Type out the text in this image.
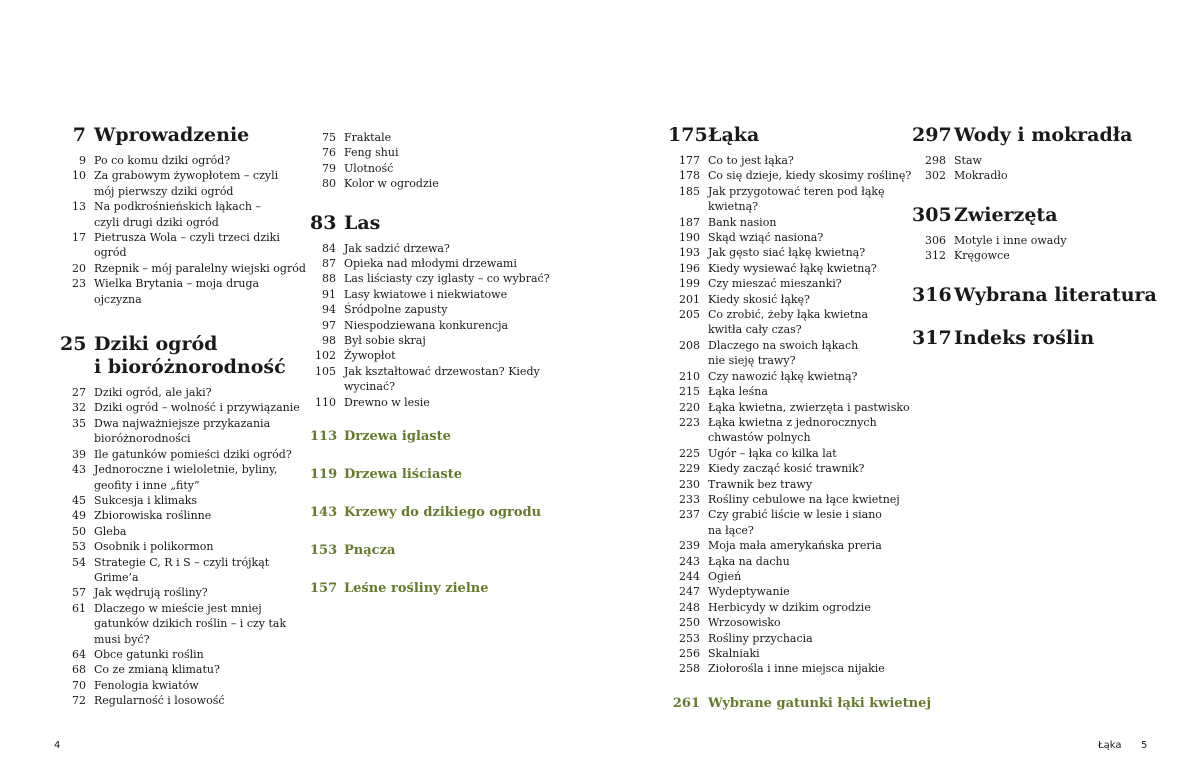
7 Wprowadzenie
9 Po co komu dziki ogród?
10 Za grabowym żywopłotem – czyli
mój pierwszy dziki ogród
13 Na podkrośnieńskich łąkach –
czyli drugi dziki ogród
17 Pietrusza Wola – czyli trzeci dziki
ogród
20 Rzepnik – mój paralelny wiejski ogród
23 Wielka Brytania – moja druga
ojczyzna
25 Dziki ogród
i bioróżnorodność
27 Dziki ogród, ale jaki?
32 Dziki ogród – wolność i przywiązanie
35 Dwa najważniejsze przykazania
bioróżnorodności
39 Ile gatunków pomieści dziki ogród?
43 Jednoroczne i wieloletnie, byliny,
geofity i inne „fity”
45 Sukcesja i klimaks
49 Zbiorowiska roślinne
50 Gleba
53 Osobnik i polikormon
54 Strategie C, R i S – czyli trójkąt
Grime’a
57 Jak wędrują rośliny?
61 Dlaczego w mieście jest mniej
gatunków dzikich roślin – i czy tak
musi być?
64 Obce gatunki roślin
68 Co ze zmianą klimatu?
70 Fenologia kwiatów
72 Regularność i losowość
75 Fraktale
76 Feng shui
79 Ulotność
80 Kolor w ogrodzie
83 Las
84 Jak sadzić drzewa?
87 Opieka nad młodymi drzewami
88 Las liściasty czy iglasty – co wybrać?
91 Lasy kwiatowe i niekwiatowe
94 Śródpolne zapusty
97 Niespodziewana konkurencja
98 Był sobie skraj
102 Żywopłot
105 Jak kształtować drzewostan? Kiedy
wycinać?
110 Drewno w lesie
113 Drzewa iglaste
119 Drzewa liściaste
143 Krzewy do dzikiego ogrodu
153 Pnącza
157 Leśne rośliny zielne
175 Łąka
177 Co to jest łąka?
178 Co się dzieje, kiedy skosimy roślinę?
185 Jak przygotować teren pod łąkę
kwietną?
187 Bank nasion
190 Skąd wziąć nasiona?
193 Jak gęsto siać łąkę kwietną?
196 Kiedy wysiewać łąkę kwietną?
199 Czy mieszać mieszanki?
201 Kiedy skosić łąkę?
205 Co zrobić, żeby łąka kwietna
kwitła cały czas?
208 Dlaczego na swoich łąkach
nie sieję trawy?
210 Czy nawozić łąkę kwietną?
215 Łąka leśna
220 Łąka kwietna, zwierzęta i pastwisko
223 Łąka kwietna z jednorocznych
chwastów polnych
225 Ugór – łąka co kilka lat
229 Kiedy zacząć kosić trawnik?
230 Trawnik bez trawy
233 Rośliny cebulowe na łące kwietnej
237 Czy grabić liście w lesie i siano
na łące?
239 Moja mała amerykańska preria
243 Łąka na dachu
244 Ogień
247 Wydeptywanie
248 Herbicydy w dzikim ogrodzie
250 Wrzosowisko
253 Rośliny przychacia
256 Skalniaki
258 Ziołorośla i inne miejsca nijakie
261 Wybrane gatunki łąki kwietnej
297 Wody i mokradła
298 Staw
302 Mokradło
305 Zwierzęta
306 Motyle i inne owady
312 Kręgowce
316 Wybrana literatura
317 Indeks roślin
4	Łąka 5
